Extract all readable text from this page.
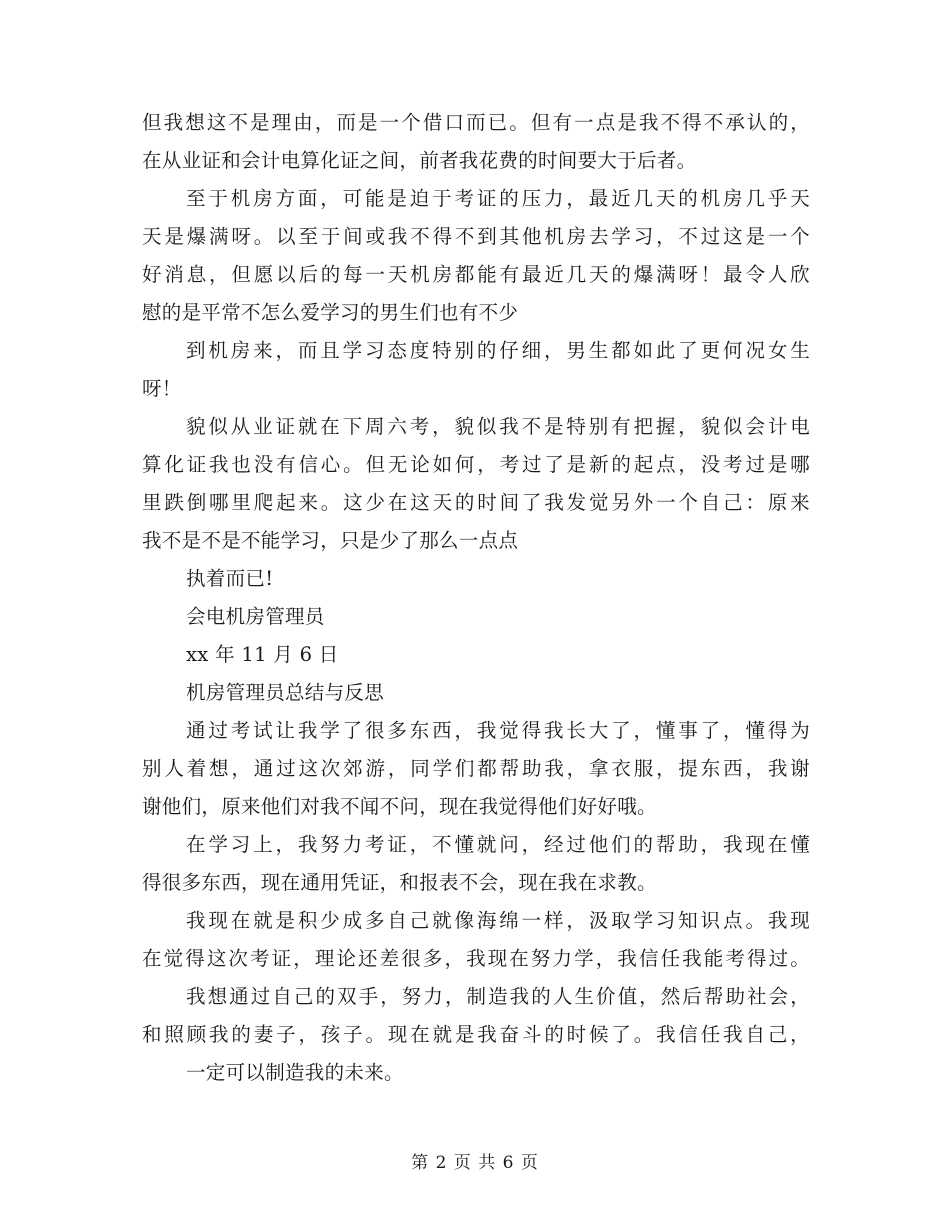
但我想这不是理由，而是一个借口而已。但有一点是我不得不承认的，
在从业证和会计电算化证之间，前者我花费的时间要大于后者。
至于机房方面，可能是迫于考证的压力，最近几天的机房几乎天
天是爆满呀。以至于间或我不得不到其他机房去学习，不过这是一个
好消息，但愿以后的每一天机房都能有最近几天的爆满呀！最令人欣
慰的是平常不怎么爱学习的男生们也有不少
到机房来，而且学习态度特别的仔细，男生都如此了更何况女生
呀！
貌似从业证就在下周六考，貌似我不是特别有把握，貌似会计电
算化证我也没有信心。但无论如何，考过了是新的起点，没考过是哪
里跌倒哪里爬起来。这少在这天的时间了我发觉另外一个自己：原来
我不是不是不能学习，只是少了那么一点点
执着而已!
会电机房管理员
xx 年 11 月 6 日
机房管理员总结与反思
通过考试让我学了很多东西，我觉得我长大了，懂事了，懂得为
别人着想，通过这次郊游，同学们都帮助我，拿衣服，提东西，我谢
谢他们，原来他们对我不闻不问，现在我觉得他们好好哦。
在学习上，我努力考证，不懂就问，经过他们的帮助，我现在懂
得很多东西，现在通用凭证，和报表不会，现在我在求教。
我现在就是积少成多自己就像海绵一样，汲取学习知识点。我现
在觉得这次考证，理论还差很多，我现在努力学，我信任我能考得过。
我想通过自己的双手，努力，制造我的人生价值，然后帮助社会，
和照顾我的妻子，孩子。现在就是我奋斗的时候了。我信任我自己，
一定可以制造我的未来。
第 2 页 共 6 页
